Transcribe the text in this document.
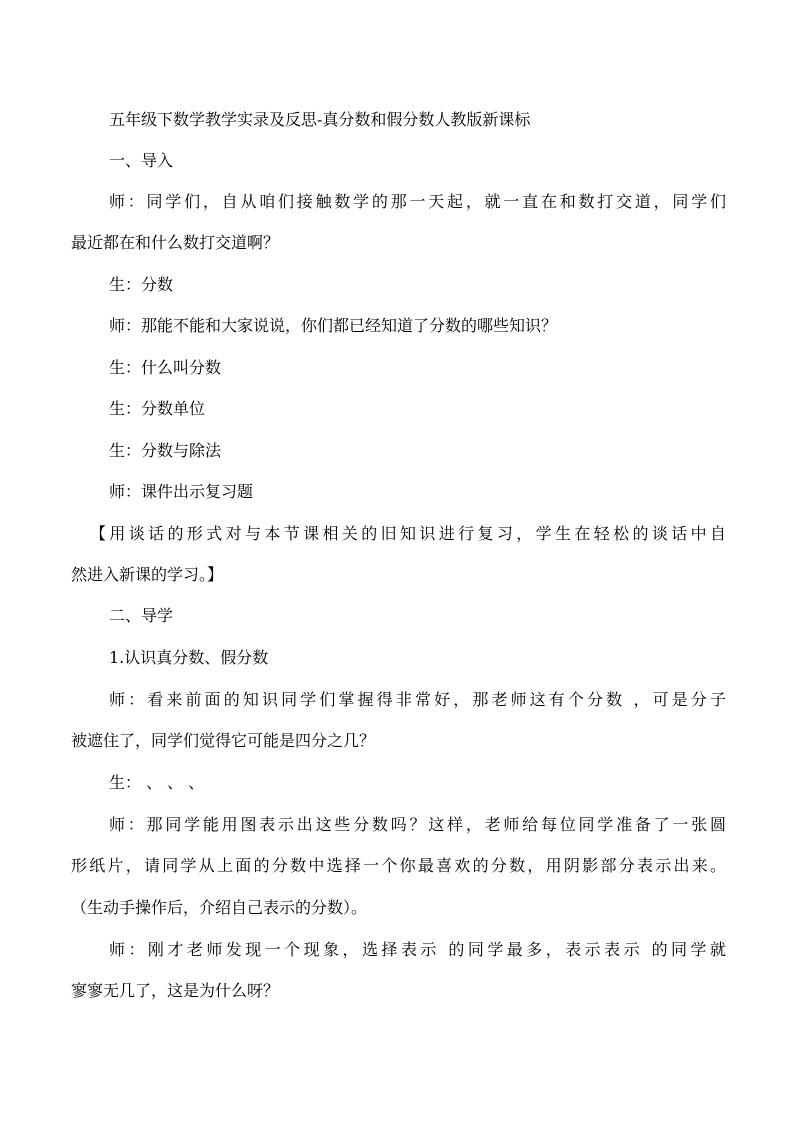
五年级下数学教学实录及反思-真分数和假分数人教版新课标
一、导入
师：同学们，自从咱们接触数学的那一天起，就一直在和数打交道，同学们
最近都在和什么数打交道啊？
生：分数
师：那能不能和大家说说，你们都已经知道了分数的哪些知识？
生：什么叫分数
生：分数单位
生：分数与除法
师：课件出示复习题
【用谈话的形式对与本节课相关的旧知识进行复习，学生在轻松的谈话中自
然进入新课的学习。】
二、导学
1.认识真分数、假分数
师：看来前面的知识同学们掌握得非常好，那老师这有个分数 ，可是分子
被遮住了，同学们觉得它可能是四分之几？
生： 、 、 、
师：那同学能用图表示出这些分数吗？这样，老师给每位同学准备了一张圆
形纸片，请同学从上面的分数中选择一个你最喜欢的分数，用阴影部分表示出来。
（生动手操作后，介绍自己表示的分数）。
师：刚才老师发现一个现象，选择表示 的同学最多，表示表示 的同学就
寥寥无几了，这是为什么呀？
